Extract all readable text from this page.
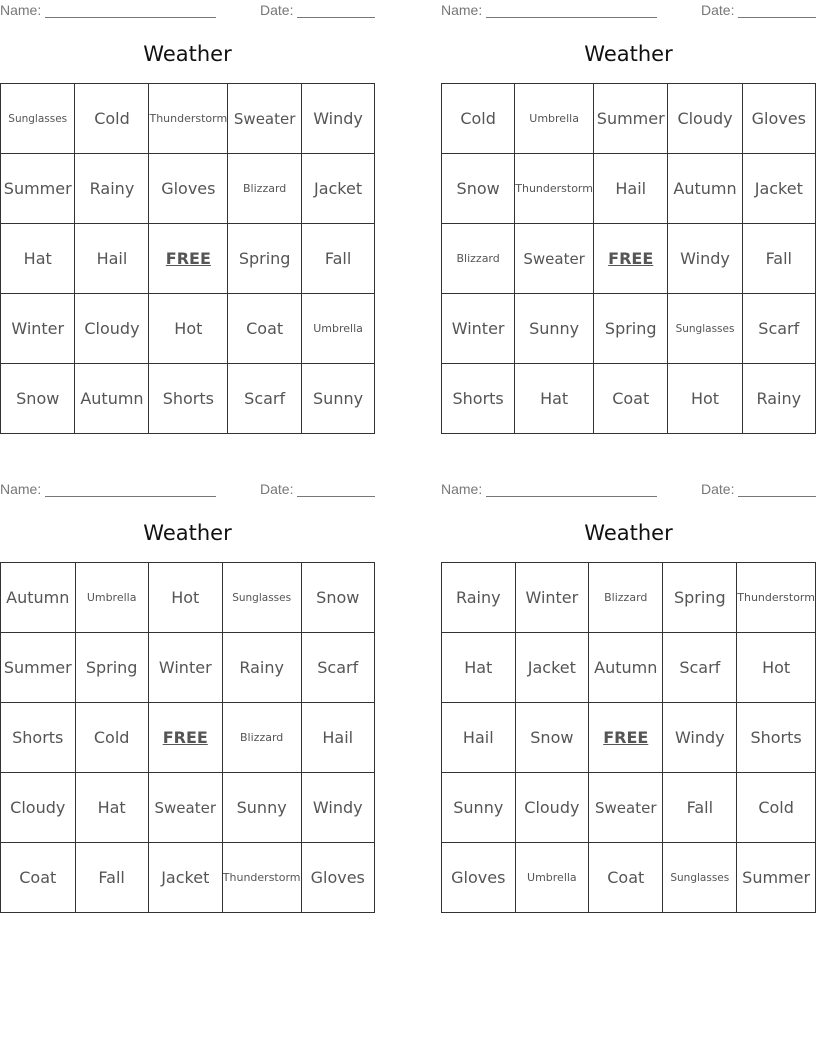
Name:	Date:
Weather
Sunglasses	Cold	Thunderstorm	Sweater	Windy
Summer	Rainy	Gloves	Blizzard	Jacket
Hat	Hail	FREE	Spring	Fall
Winter	Cloudy	Hot	Coat	Umbrella
Snow	Autumn	Shorts	Scarf	Sunny
Name:	Date:
Weather
Cold	Umbrella	Summer	Cloudy	Gloves
Snow	Thunderstorm	Hail	Autumn	Jacket
Blizzard	Sweater	FREE	Windy	Fall
Winter	Sunny	Spring	Sunglasses	Scarf
Shorts	Hat	Coat	Hot	Rainy
Name:	Date:
Weather
Autumn	Umbrella	Hot	Sunglasses	Snow
Summer	Spring	Winter	Rainy	Scarf
Shorts	Cold	FREE	Blizzard	Hail
Cloudy	Hat	Sweater	Sunny	Windy
Coat	Fall	Jacket	Thunderstorm	Gloves
Name:	Date:
Weather
Rainy	Winter	Blizzard	Spring	Thunderstorm
Hat	Jacket	Autumn	Scarf	Hot
Hail	Snow	FREE	Windy	Shorts
Sunny	Cloudy	Sweater	Fall	Cold
Gloves	Umbrella	Coat	Sunglasses	Summer
